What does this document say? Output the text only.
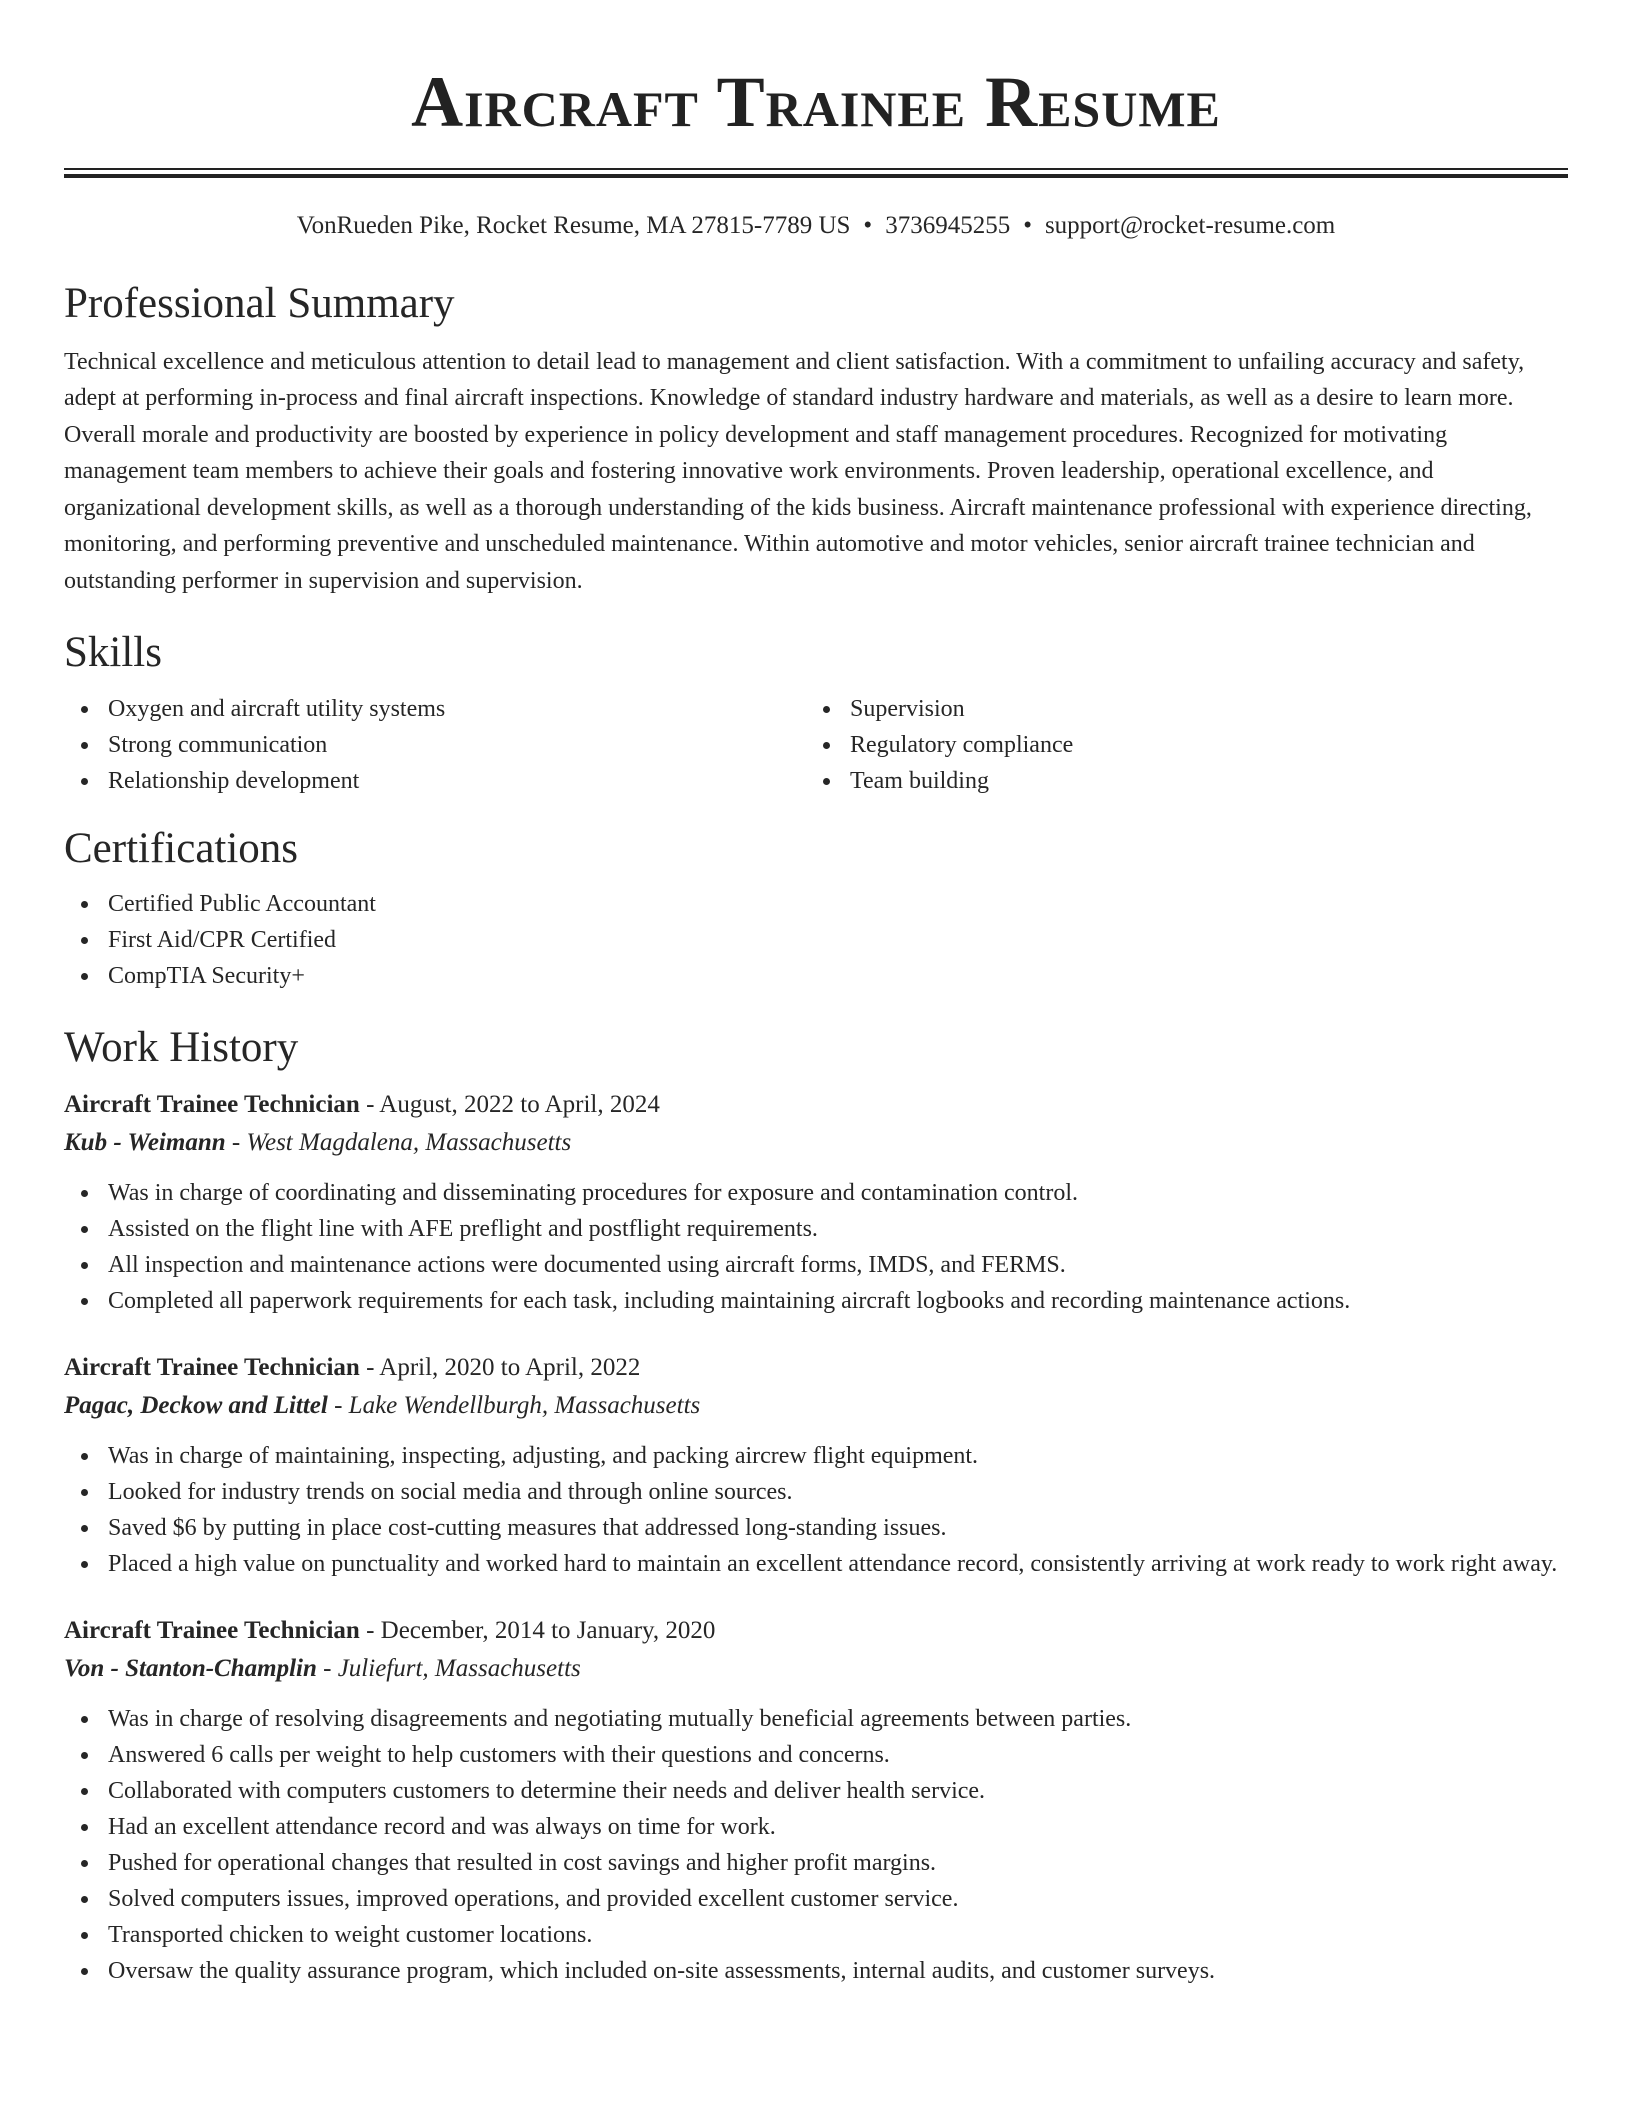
Aircraft Trainee Resume
VonRueden Pike, Rocket Resume, MA 27815-7789 US • 3736945255 • support@rocket-resume.com
Professional Summary

Technical excellence and meticulous attention to detail lead to management and client satisfaction. With a commitment to unfailing accuracy and safety, adept at performing in-process and final aircraft inspections. Knowledge of standard industry hardware and materials, as well as a desire to learn more. Overall morale and productivity are boosted by experience in policy development and staff management procedures. Recognized for motivating management team members to achieve their goals and fostering innovative work environments. Proven leadership, operational excellence, and organizational development skills, as well as a thorough understanding of the kids business. Aircraft maintenance professional with experience directing, monitoring, and performing preventive and unscheduled maintenance. Within automotive and motor vehicles, senior aircraft trainee technician and outstanding performer in supervision and supervision.

Skills
Oxygen and aircraft utility systems
Strong communication
Relationship development
Supervision
Regulatory compliance
Team building
Certifications
Certified Public Accountant
First Aid/CPR Certified
CompTIA Security+
Work History
Aircraft Trainee Technician - August, 2022 to April, 2024
Kub - Weimann - West Magdalena, Massachusetts
Was in charge of coordinating and disseminating procedures for exposure and contamination control.
Assisted on the flight line with AFE preflight and postflight requirements.
All inspection and maintenance actions were documented using aircraft forms, IMDS, and FERMS.
Completed all paperwork requirements for each task, including maintaining aircraft logbooks and recording maintenance actions.
Aircraft Trainee Technician - April, 2020 to April, 2022
Pagac, Deckow and Littel - Lake Wendellburgh, Massachusetts
Was in charge of maintaining, inspecting, adjusting, and packing aircrew flight equipment.
Looked for industry trends on social media and through online sources.
Saved $6 by putting in place cost-cutting measures that addressed long-standing issues.
Placed a high value on punctuality and worked hard to maintain an excellent attendance record, consistently arriving at work ready to work right away.
Aircraft Trainee Technician - December, 2014 to January, 2020
Von - Stanton-Champlin - Juliefurt, Massachusetts
Was in charge of resolving disagreements and negotiating mutually beneficial agreements between parties.
Answered 6 calls per weight to help customers with their questions and concerns.
Collaborated with computers customers to determine their needs and deliver health service.
Had an excellent attendance record and was always on time for work.
Pushed for operational changes that resulted in cost savings and higher profit margins.
Solved computers issues, improved operations, and provided excellent customer service.
Transported chicken to weight customer locations.
Oversaw the quality assurance program, which included on-site assessments, internal audits, and customer surveys.
